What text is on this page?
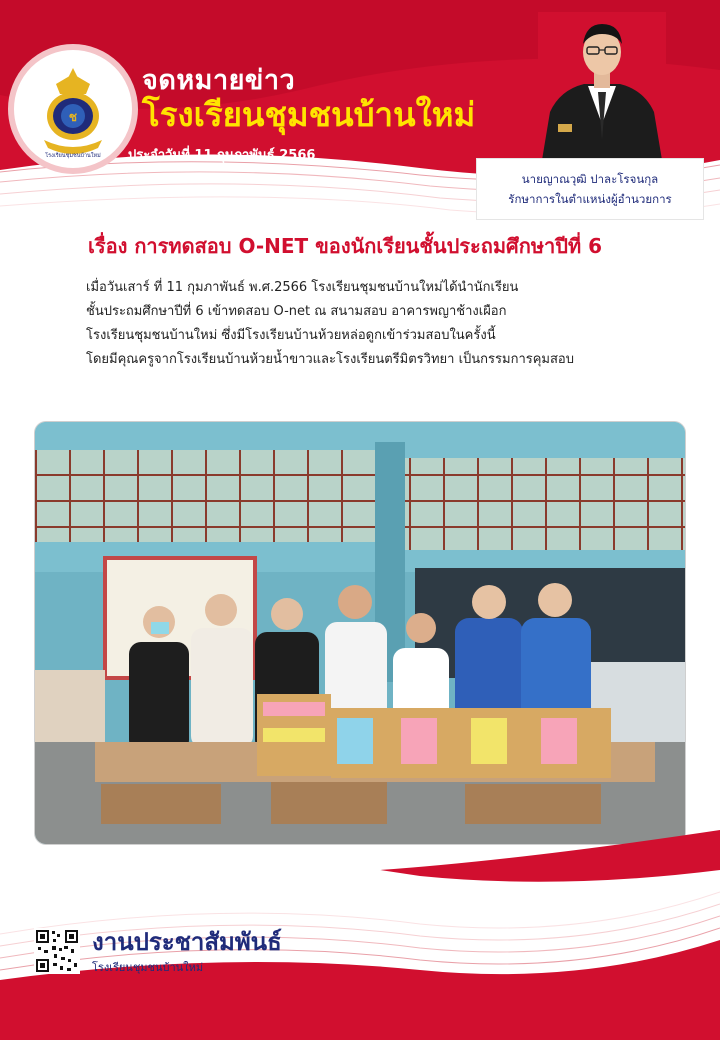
ช
โรงเรียนชุมชนบ้านใหม่
จดหมายข่าว
โรงเรียนชุมชนบ้านใหม่
ประจำวันที่ 11 กุมภาพันธ์ 2566
นายญาณวุฒิ ปาละโรจนกุล
รักษาการในตำแหน่งผู้อำนวยการ
เรื่อง การทดสอบ O-NET ของนักเรียนชั้นประถมศึกษาปีที่ 6
เมื่อวันเสาร์ ที่ 11 กุมภาพันธ์ พ.ศ.2566 โรงเรียนชุมชนบ้านใหม่ได้นำนักเรียน
ชั้นประถมศึกษาปีที่ 6 เข้าทดสอบ O-net ณ สนามสอบ อาคารพญาช้างเผือก
โรงเรียนชุมชนบ้านใหม่ ซึ่งมีโรงเรียนบ้านห้วยหล่อดูกเข้าร่วมสอบในครั้งนี้
โดยมีคุณครูจากโรงเรียนบ้านห้วยน้ำขาวและโรงเรียนตรีมิตรวิทยา เป็นกรรมการคุมสอบ
งานประชาสัมพันธ์
โรงเรียนชุมชนบ้านใหม่
